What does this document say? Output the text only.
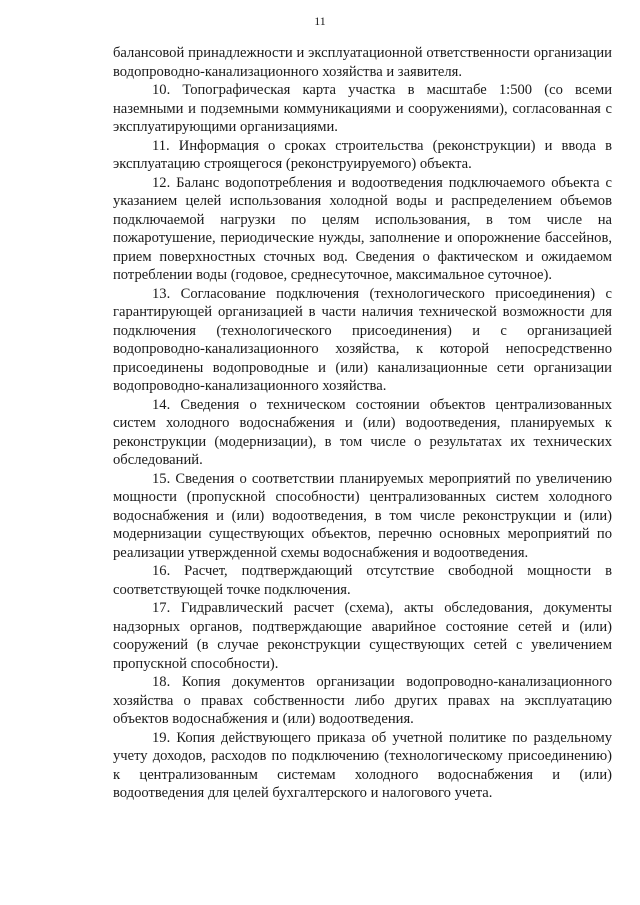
11

балансовой принадлежности и эксплуатационной ответственности организации водопроводно-канализационного хозяйства и заявителя.

10. Топографическая карта участка в масштабе 1:500 (со всеми наземными и подземными коммуникациями и сооружениями), согласованная с эксплуатирующими организациями.

11. Информация о сроках строительства (реконструкции) и ввода в эксплуатацию строящегося (реконструируемого) объекта.

12. Баланс водопотребления и водоотведения подключаемого объекта с указанием целей использования холодной воды и распределением объемов подключаемой нагрузки по целям использования, в том числе на пожаротушение, периодические нужды, заполнение и опорожнение бассейнов, прием поверхностных сточных вод. Сведения о фактическом и ожидаемом потреблении воды (годовое, среднесуточное, максимальное суточное).

13. Согласование подключения (технологического присоединения) с гарантирующей организацией в части наличия технической возможности для подключения (технологического присоединения) и с организацией водопроводно-канализационного хозяйства, к которой непосредственно присоединены водопроводные и (или) канализационные сети организации водопроводно-канализационного хозяйства.

14. Сведения о техническом состоянии объектов централизованных систем холодного водоснабжения и (или) водоотведения, планируемых к реконструкции (модернизации), в том числе о результатах их технических обследований.

15. Сведения о соответствии планируемых мероприятий по увеличению мощности (пропускной способности) централизованных систем холодного водоснабжения и (или) водоотведения, в том числе реконструкции и (или) модернизации существующих объектов, перечню основных мероприятий по реализации утвержденной схемы водоснабжения и водоотведения.

16. Расчет, подтверждающий отсутствие свободной мощности в соответствующей точке подключения.

17. Гидравлический расчет (схема), акты обследования, документы надзорных органов, подтверждающие аварийное состояние сетей и (или) сооружений (в случае реконструкции существующих сетей с увеличением пропускной способности).

18. Копия документов организации водопроводно-канализационного хозяйства о правах собственности либо других правах на эксплуатацию объектов водоснабжения и (или) водоотведения.

19. Копия действующего приказа об учетной политике по раздельному учету доходов, расходов по подключению (технологическому присоединению) к централизованным системам холодного водоснабжения и (или) водоотведения для целей бухгалтерского и налогового учета.
